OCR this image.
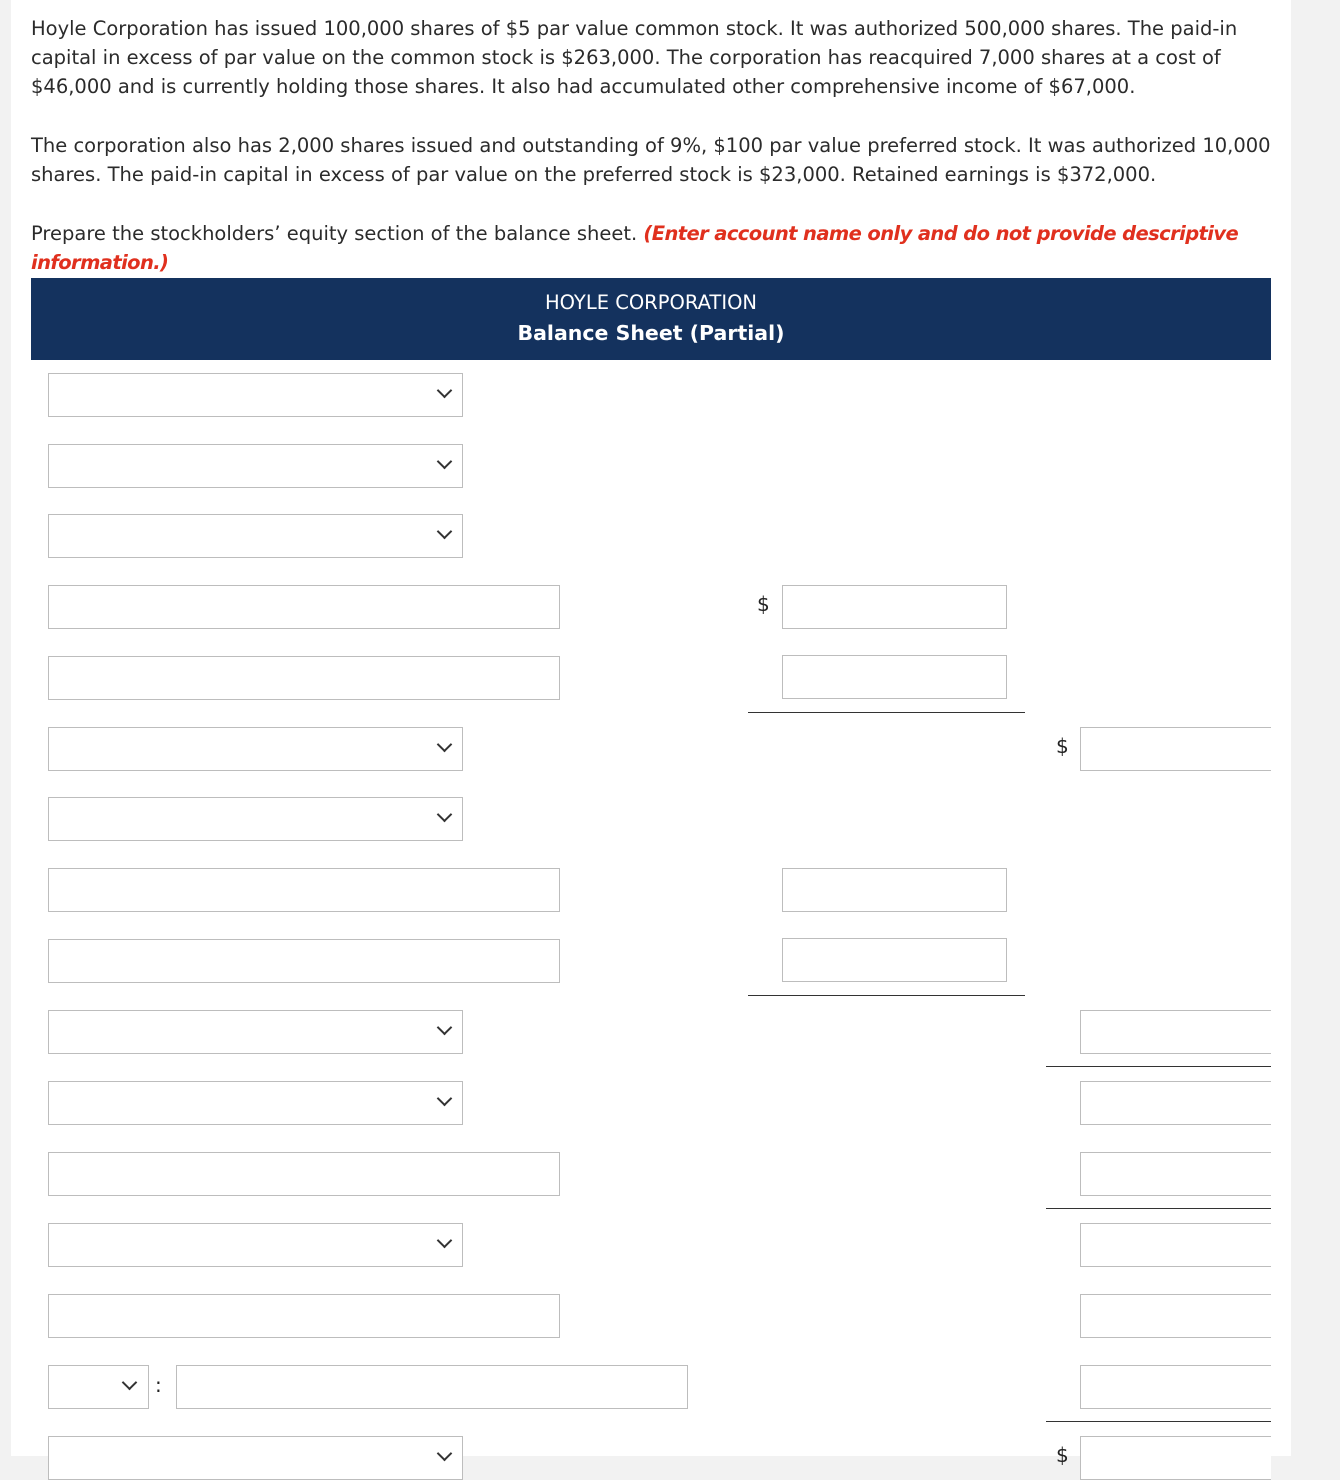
Hoyle Corporation has issued 100,000 shares of $5 par value common stock. It was authorized 500,000 shares. The paid-in capital in excess of par value on the common stock is $263,000. The corporation has reacquired 7,000 shares at a cost of $46,000 and is currently holding those shares. It also had accumulated other comprehensive income of $67,000.
The corporation also has 2,000 shares issued and outstanding of 9%, $100 par value preferred stock. It was authorized 10,000 shares. The paid-in capital in excess of par value on the preferred stock is $23,000. Retained earnings is $372,000.
Prepare the stockholders’ equity section of the balance sheet. (Enter account name only and do not provide descriptive information.)
HOYLE CORPORATION
Balance Sheet (Partial)
$
$
:
$
